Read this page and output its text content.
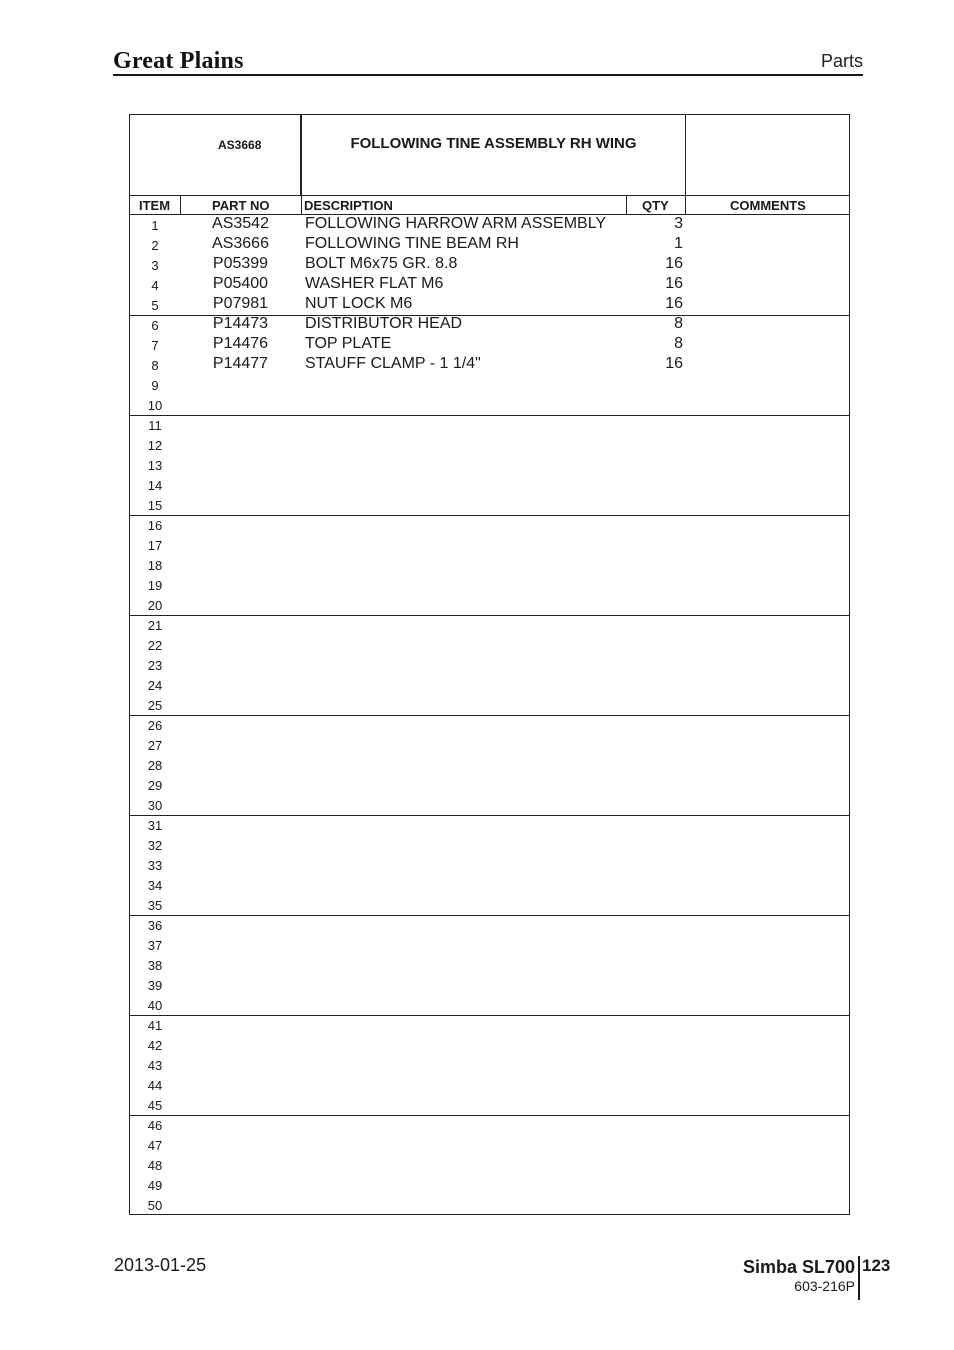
Great Plains	Parts
AS3668	FOLLOWING TINE ASSEMBLY RH WING
ITEM	PART NO	DESCRIPTION	QTY	COMMENTS
1	AS3542	FOLLOWING HARROW ARM ASSEMBLY	3
2	AS3666	FOLLOWING TINE BEAM RH	1
3	P05399	BOLT M6x75 GR. 8.8	16
4	P05400	WASHER FLAT M6	16
5	P07981	NUT LOCK M6	16
6	P14473	DISTRIBUTOR HEAD	8
7	P14476	TOP PLATE	8
8	P14477	STAUFF CLAMP - 1 1/4"	16
9
10
11
12
13
14
15
16
17
18
19
20
21
22
23
24
25
26
27
28
29
30
31
32
33
34
35
36
37
38
39
40
41
42
43
44
45
46
47
48
49
50
2013-01-25	Simba SL700 123
603-216P
